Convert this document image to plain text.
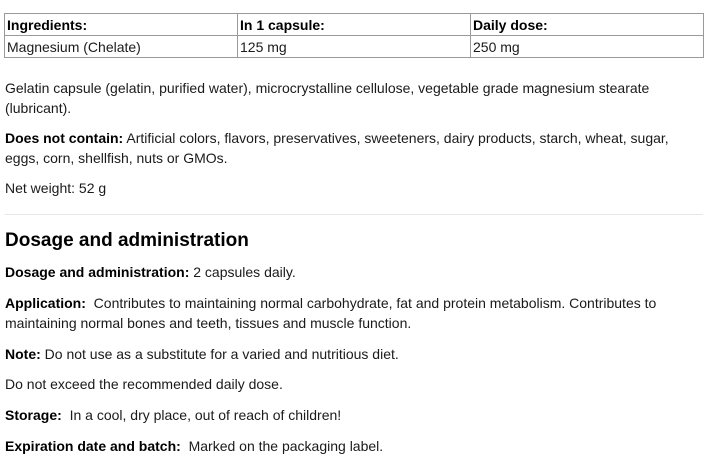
Ingredients:	In 1 capsule:	Daily dose:
Magnesium (Chelate)	125 mg	250 mg

Gelatin capsule (gelatin, purified water), microcrystalline cellulose, vegetable grade magnesium stearate (lubricant).

Does not contain: Artificial colors, flavors, preservatives, sweeteners, dairy products, starch, wheat, sugar, eggs, corn, shellfish, nuts or GMOs.

Net weight: 52 g

Dosage and administration

Dosage and administration: 2 capsules daily.

Application:  Contributes to maintaining normal carbohydrate, fat and protein metabolism. Contributes to maintaining normal bones and teeth, tissues and muscle function.

Note: Do not use as a substitute for a varied and nutritious diet.

Do not exceed the recommended daily dose.

Storage:  In a cool, dry place, out of reach of children!

Expiration date and batch:  Marked on the packaging label.
